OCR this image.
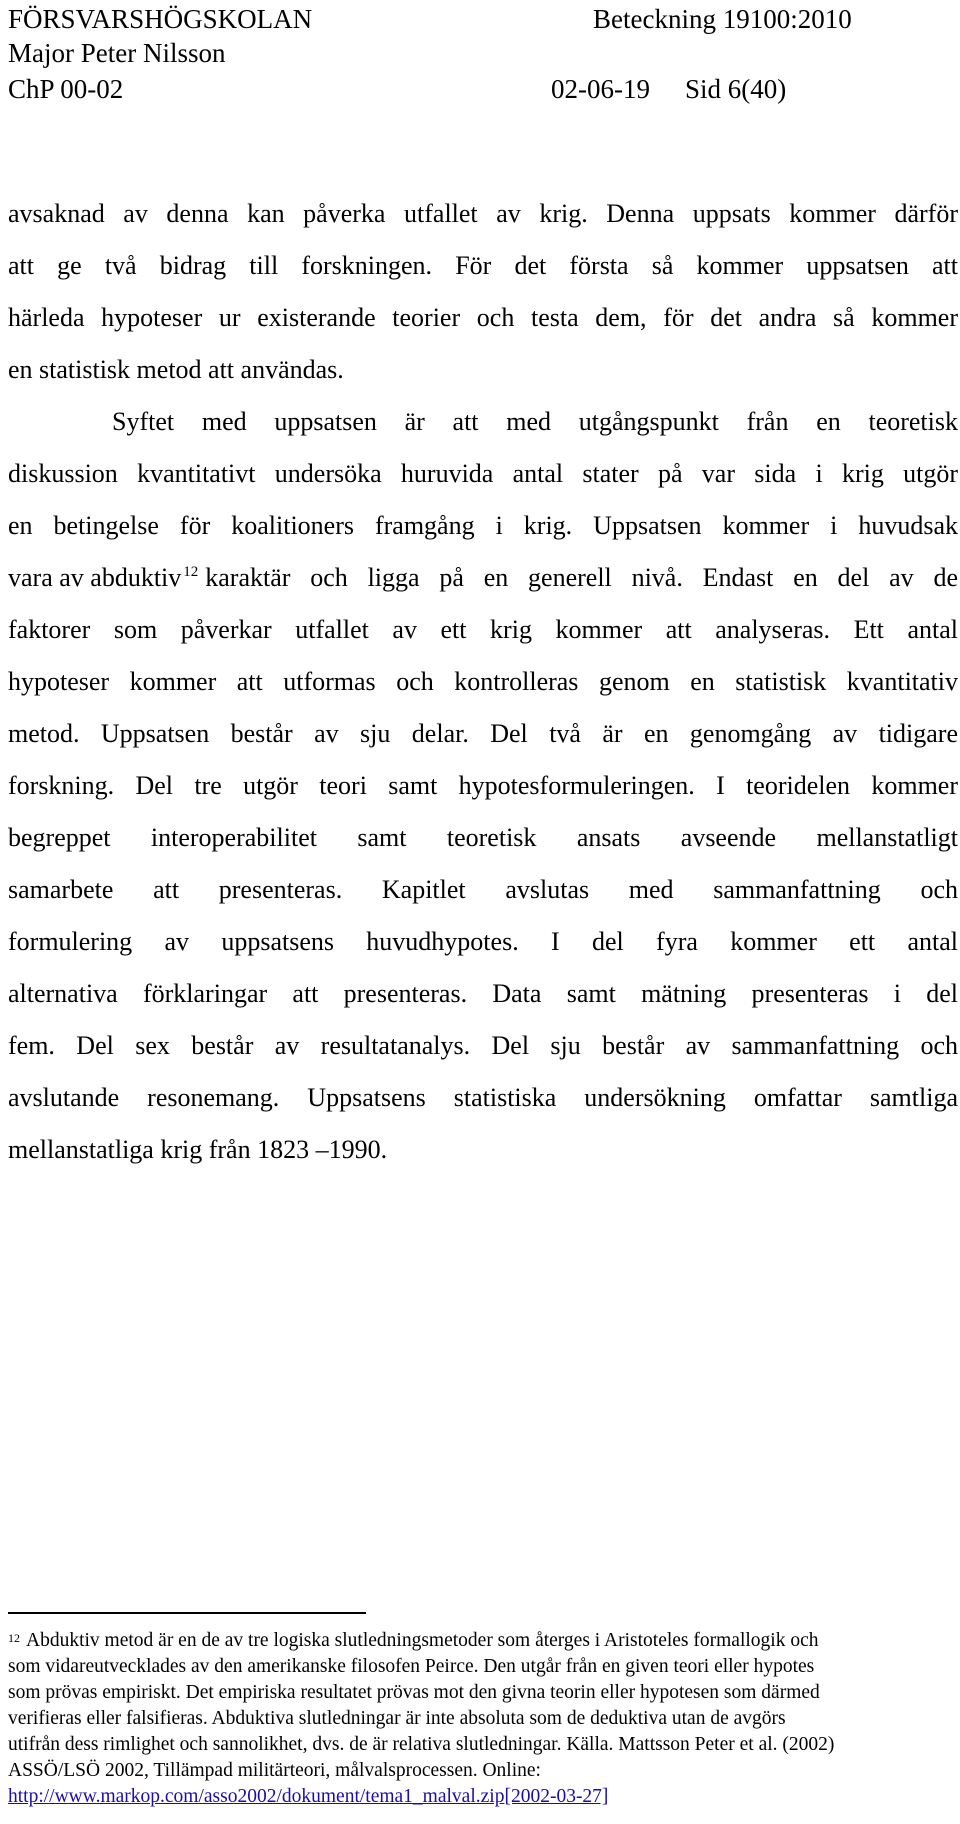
FÖRSVARSHÖGSKOLAN	Beteckning 19100:2010
Major Peter Nilsson
ChP 00-02	02-06-19 Sid 6(40)
avsaknad av denna kan påverka utfallet av krig. Denna uppsats kommer därför
att ge två bidrag till forskningen. För det första så kommer uppsatsen att
härleda hypoteser ur existerande teorier och testa dem, för det andra så kommer
en statistisk metod att användas.
Syftet med uppsatsen är att med utgångspunkt från en teoretisk
diskussion kvantitativt undersöka huruvida antal stater på var sida i krig utgör
en betingelse för koalitioners framgång i krig. Uppsatsen kommer i huvudsak
vara av abduktiv $^{12}$ karaktär och ligga på en generell nivå. Endast en del av de
faktorer som påverkar utfallet av ett krig kommer att analyseras. Ett antal
hypoteser kommer att utformas och kontrolleras genom en statistisk kvantitativ
metod. Uppsatsen består av sju delar. Del två är en genomgång av tidigare
forskning. Del tre utgör teori samt hypotesformuleringen. I teoridelen kommer
begreppet interoperabilitet samt teoretisk ansats avseende mellanstatligt
samarbete att presenteras. Kapitlet avslutas med sammanfattning och
formulering av uppsatsens huvudhypotes. I del fyra kommer ett antal
alternativa förklaringar att presenteras. Data samt mätning presenteras i del
fem. Del sex består av resultatanalys. Del sju består av sammanfattning och
avslutande resonemang. Uppsatsens statistiska undersökning omfattar samtliga
mellanstatliga krig från 1823 –1990.
$^{12}$ Abduktiv metod är en de av tre logiska slutledningsmetoder som återges i Aristoteles formallogik och
som vidareutvecklades av den amerikanske filosofen Peirce. Den utgår från en given teori eller hypotes
som prövas empiriskt. Det empiriska resultatet prövas mot den givna teorin eller hypotesen som därmed
verifieras eller falsifieras. Abduktiva slutledningar är inte absoluta som de deduktiva utan de avgörs
utifrån dess rimlighet och sannolikhet, dvs. de är relativa slutledningar. Källa. Mattsson Peter et al. (2002)
ASSÖ/LSÖ 2002, Tillämpad militärteori, målvalsprocessen. Online:
http://www.markop.com/asso2002/dokument/tema1_malval.zip[2002-03-27]
